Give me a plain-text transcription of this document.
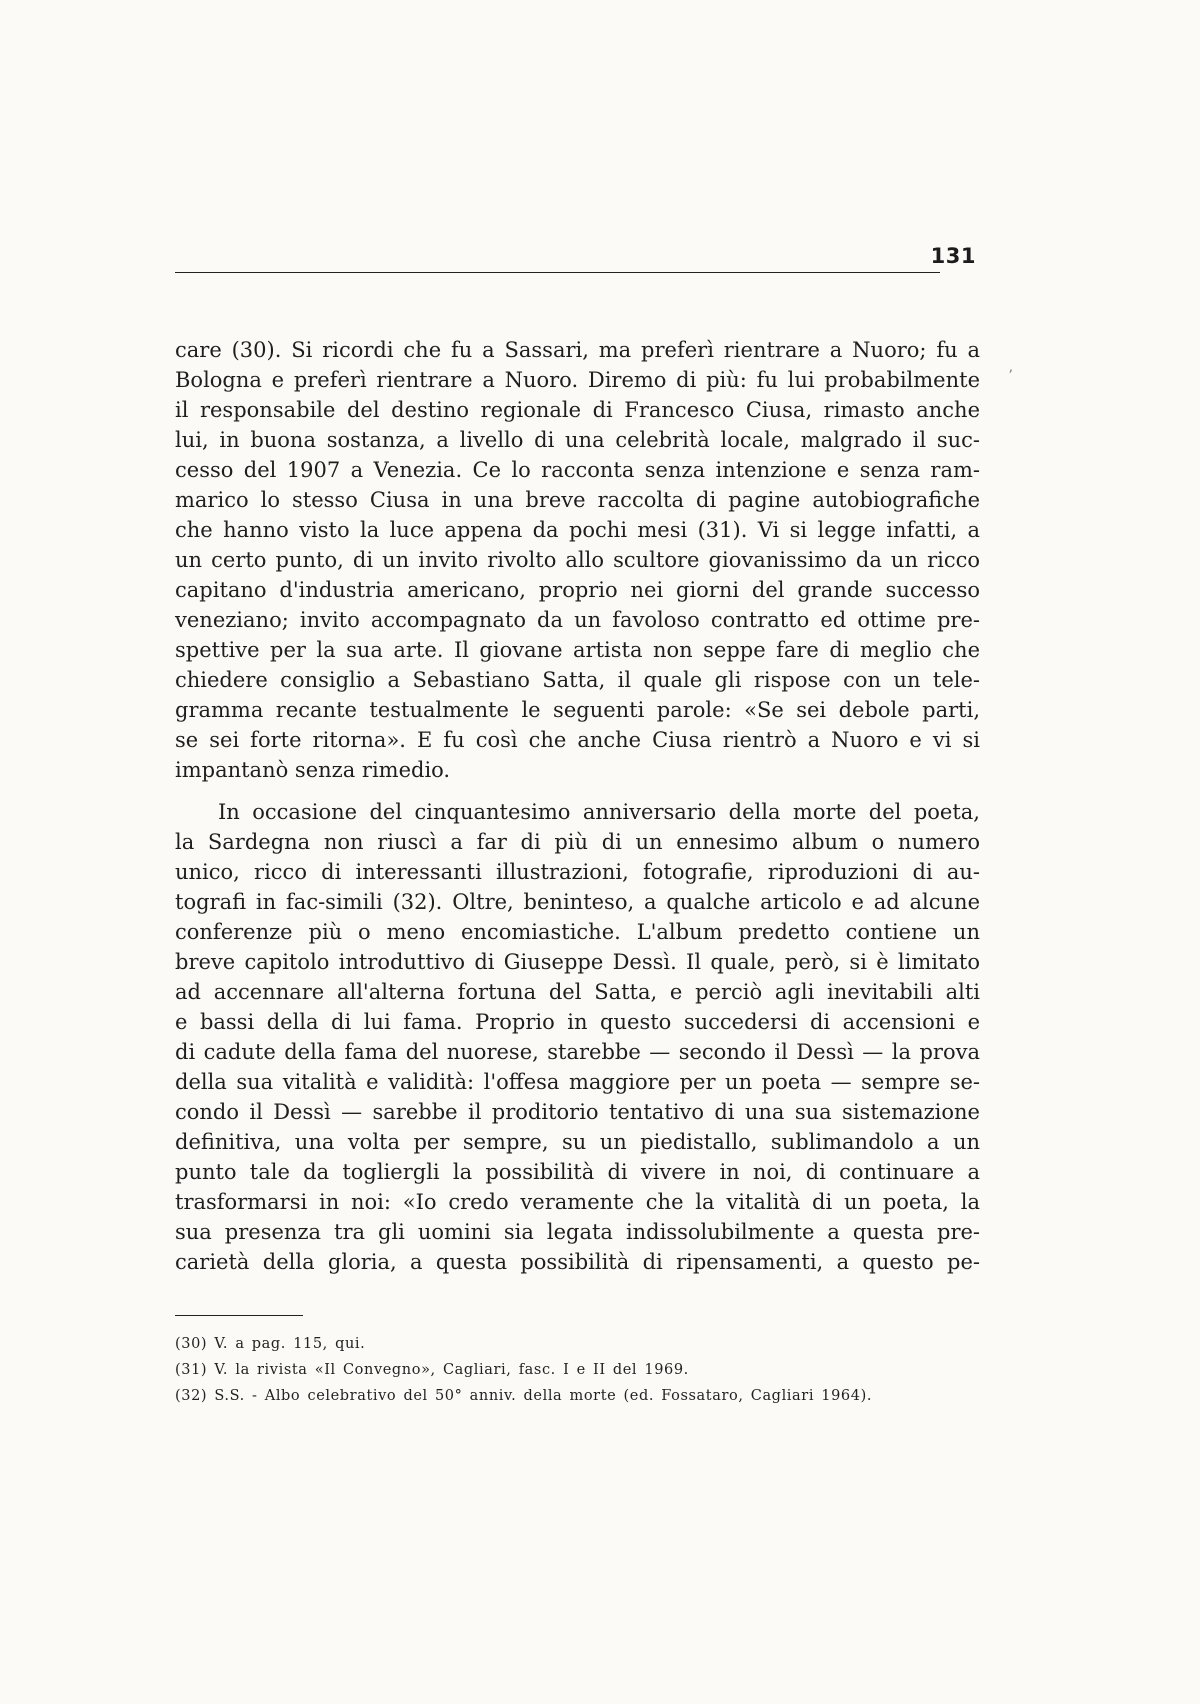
131
ʼ
care (30). Si ricordi che fu a Sassari, ma preferì rientrare a Nuoro; fu a
Bologna e preferì rientrare a Nuoro. Diremo di più: fu lui probabilmente
il responsabile del destino regionale di Francesco Ciusa, rimasto anche
lui, in buona sostanza, a livello di una celebrità locale, malgrado il suc-
cesso del 1907 a Venezia. Ce lo racconta senza intenzione e senza ram-
marico lo stesso Ciusa in una breve raccolta di pagine autobiografiche
che hanno visto la luce appena da pochi mesi (31). Vi si legge infatti, a
un certo punto, di un invito rivolto allo scultore giovanissimo da un ricco
capitano d'industria americano, proprio nei giorni del grande successo
veneziano; invito accompagnato da un favoloso contratto ed ottime pre-
spettive per la sua arte. Il giovane artista non seppe fare di meglio che
chiedere consiglio a Sebastiano Satta, il quale gli rispose con un tele-
gramma recante testualmente le seguenti parole: «Se sei debole parti,
se sei forte ritorna». E fu così che anche Ciusa rientrò a Nuoro e vi si
impantanò senza rimedio.
In occasione del cinquantesimo anniversario della morte del poeta,
la Sardegna non riuscì a far di più di un ennesimo album o numero
unico, ricco di interessanti illustrazioni, fotografie, riproduzioni di au-
tografi in fac-simili (32). Oltre, beninteso, a qualche articolo e ad alcune
conferenze più o meno encomiastiche. L'album predetto contiene un
breve capitolo introduttivo di Giuseppe Dessì. Il quale, però, si è limitato
ad accennare all'alterna fortuna del Satta, e perciò agli inevitabili alti
e bassi della di lui fama. Proprio in questo succedersi di accensioni e
di cadute della fama del nuorese, starebbe — secondo il Dessì — la prova
della sua vitalità e validità: l'offesa maggiore per un poeta — sempre se-
condo il Dessì — sarebbe il proditorio tentativo di una sua sistemazione
definitiva, una volta per sempre, su un piedistallo, sublimandolo a un
punto tale da toglierglі la possibilità di vivere in noi, di continuare a
trasformarsi in noi: «Io credo veramente che la vitalità di un poeta, la
sua presenza tra gli uomini sia legata indissolubilmente a questa pre-
carietà della gloria, a questa possibilità di ripensamenti, a questo pe-
(30) V. a pag. 115, qui.
(31) V. la rivista «Il Convegno», Cagliari, fasc. I e II del 1969.
(32) S.S. - Albo celebrativo del 50° anniv. della morte (ed. Fossataro, Cagliari 1964).
